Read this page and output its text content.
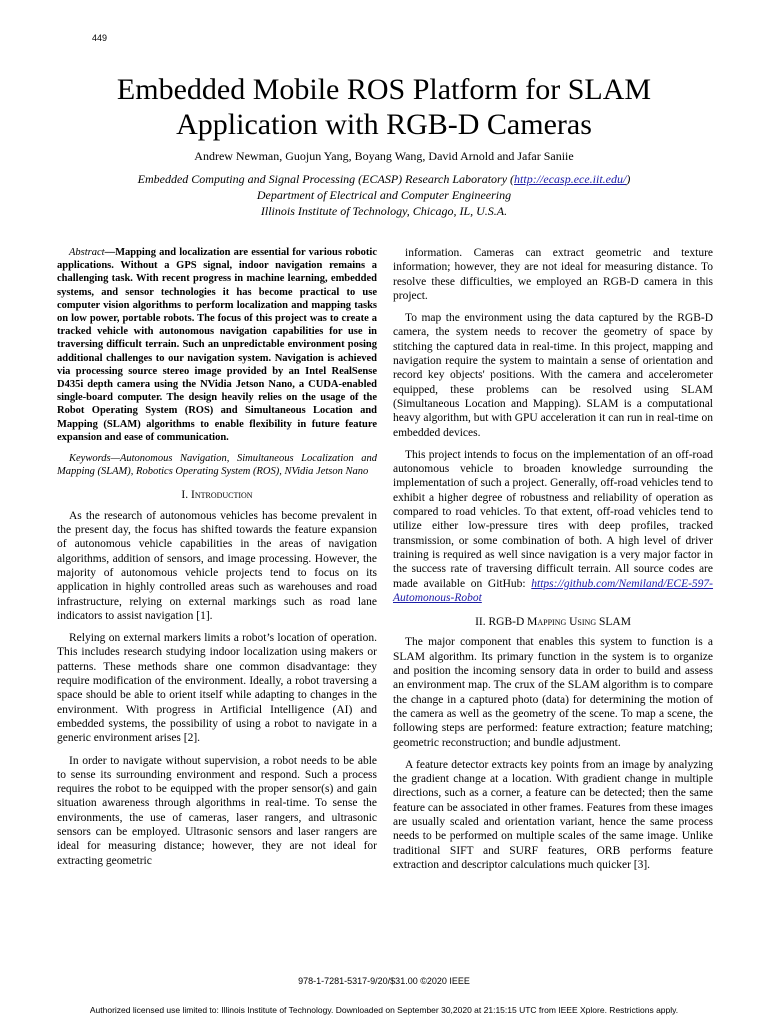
449
Embedded Mobile ROS Platform for SLAM
Application with RGB-D Cameras
Andrew Newman, Guojun Yang, Boyang Wang, David Arnold and Jafar Saniie
Embedded Computing and Signal Processing (ECASP) Research Laboratory (http://ecasp.ece.iit.edu/)
Department of Electrical and Computer Engineering
Illinois Institute of Technology, Chicago, IL, U.S.A.

Abstract—Mapping and localization are essential for various robotic applications. Without a GPS signal, indoor navigation remains a challenging task. With recent progress in machine learning, embedded systems, and sensor technologies it has become practical to use computer vision algorithms to perform localization and mapping tasks on low power, portable robots. The focus of this project was to create a tracked vehicle with autonomous navigation capabilities for use in traversing difficult terrain. Such an unpredictable environment posing additional challenges to our navigation system. Navigation is achieved via processing source stereo image provided by an Intel RealSense D435i depth camera using the NVidia Jetson Nano, a CUDA-enabled single-board computer. The design heavily relies on the usage of the Robot Operating System (ROS) and Simultaneous Location and Mapping (SLAM) algorithms to enable flexibility in future feature expansion and ease of communication.

Keywords—Autonomous Navigation, Simultaneous Localization and Mapping (SLAM), Robotics Operating System (ROS), NVidia Jetson Nano

I. Introduction

As the research of autonomous vehicles has become prevalent in the present day, the focus has shifted towards the feature expansion of autonomous vehicle capabilities in the areas of navigation algorithms, addition of sensors, and image processing. However, the majority of autonomous vehicle projects tend to focus on its application in highly controlled areas such as warehouses and road infrastructure, relying on external markings such as road lane indicators to assist navigation [1].

Relying on external markers limits a robot’s location of operation. This includes research studying indoor localization using makers or patterns. These methods share one common disadvantage: they require modification of the environment. Ideally, a robot traversing a space should be able to orient itself while adapting to changes in the environment. With progress in Artificial Intelligence (AI) and embedded systems, the possibility of using a robot to navigate in a generic environment arises [2].

In order to navigate without supervision, a robot needs to be able to sense its surrounding environment and respond. Such a process requires the robot to be equipped with the proper sensor(s) and gain situation awareness through algorithms in real-time. To sense the environments, the use of cameras, laser rangers, and ultrasonic sensors can be employed. Ultrasonic sensors and laser rangers are ideal for measuring distance; however, they are not ideal for extracting geometric

information. Cameras can extract geometric and texture information; however, they are not ideal for measuring distance. To resolve these difficulties, we employed an RGB-D camera in this project.

To map the environment using the data captured by the RGB-D camera, the system needs to recover the geometry of space by stitching the captured data in real-time. In this project, mapping and navigation require the system to maintain a sense of orientation and record key objects' positions. With the camera and accelerometer equipped, these problems can be resolved using SLAM (Simultaneous Location and Mapping). SLAM is a computational heavy algorithm, but with GPU acceleration it can run in real-time on embedded devices.

This project intends to focus on the implementation of an off-road autonomous vehicle to broaden knowledge surrounding the implementation of such a project. Generally, off-road vehicles tend to exhibit a higher degree of robustness and reliability of operation as compared to road vehicles. To that extent, off-road vehicles tend to utilize either low-pressure tires with deep profiles, tracked transmission, or some combination of both. A high level of driver training is required as well since navigation is a very major factor in the success rate of traversing difficult terrain. All source codes are made available on GitHub: https://github.com/Nemiland/ECE-597-Automonous-Robot

II. RGB-D Mapping Using SLAM

The major component that enables this system to function is a SLAM algorithm. Its primary function in the system is to organize and position the incoming sensory data in order to build and assess an environment map. The crux of the SLAM algorithm is to compare the change in a captured photo (data) for determining the motion of the camera as well as the geometry of the scene. To map a scene, the following steps are performed: feature extraction; feature matching; geometric reconstruction; and bundle adjustment.

A feature detector extracts key points from an image by analyzing the gradient change at a location. With gradient change in multiple directions, such as a corner, a feature can be detected; then the same feature can be associated in other frames. Features from these images are usually scaled and orientation variant, hence the same process needs to be performed on multiple scales of the same image. Unlike traditional SIFT and SURF features, ORB performs feature extraction and descriptor calculations much quicker [3].

978-1-7281-5317-9/20/$31.00 ©2020 IEEE
Authorized licensed use limited to: Illinois Institute of Technology. Downloaded on September 30,2020 at 21:15:15 UTC from IEEE Xplore. Restrictions apply.
